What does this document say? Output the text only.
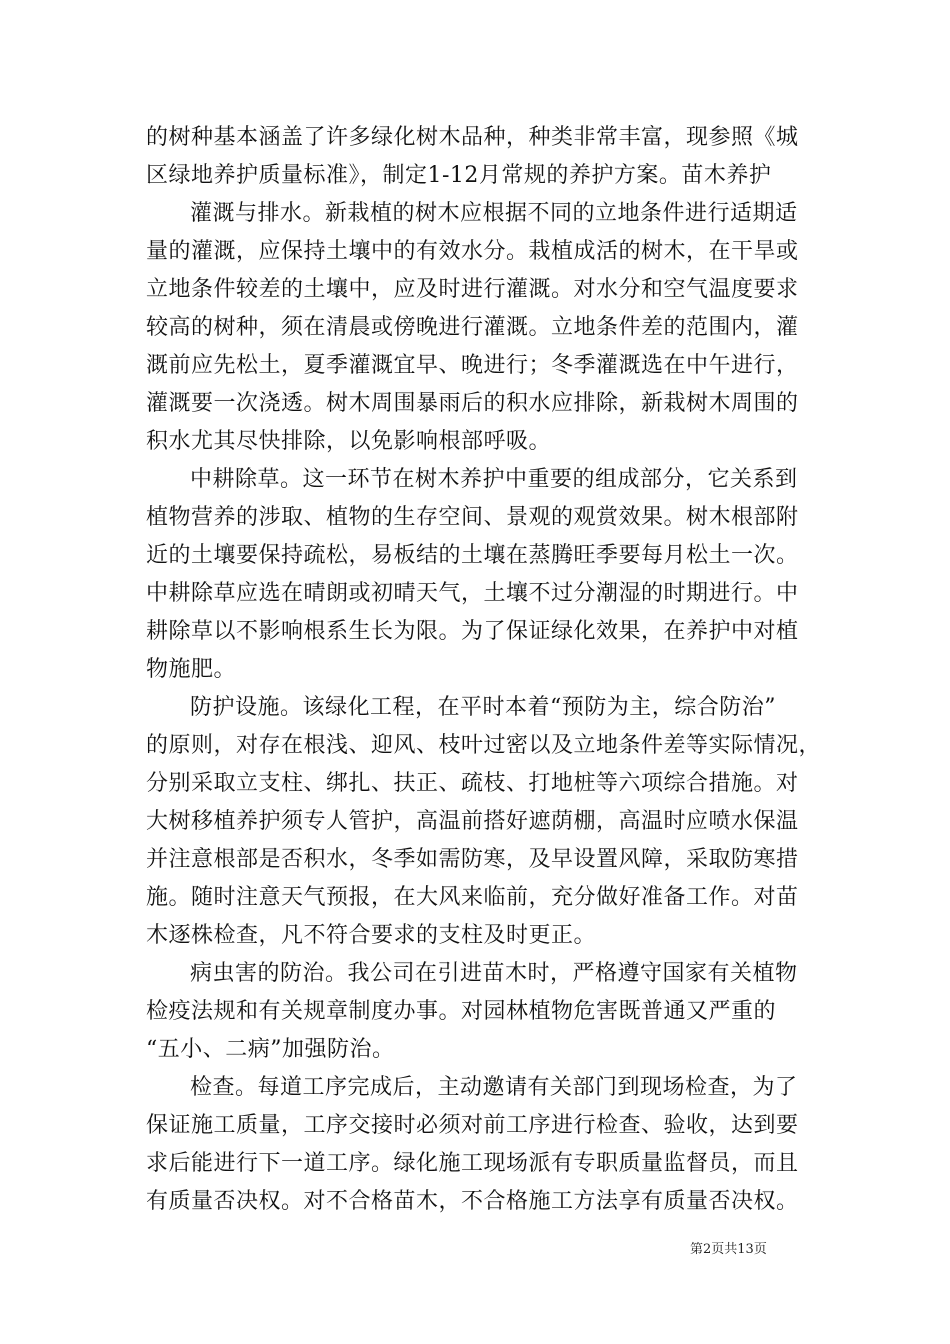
的树种基本涵盖了许多绿化树木品种，种类非常丰富，现参照《城
区绿地养护质量标准》，制定1-12月常规的养护方案。苗木养护
灌溉与排水。新栽植的树木应根据不同的立地条件进行适期适
量的灌溉，应保持土壤中的有效水分。栽植成活的树木，在干旱或
立地条件较差的土壤中，应及时进行灌溉。对水分和空气温度要求
较高的树种，须在清晨或傍晚进行灌溉。立地条件差的范围内，灌
溉前应先松土，夏季灌溉宜早、晚进行；冬季灌溉选在中午进行，
灌溉要一次浇透。树木周围暴雨后的积水应排除，新栽树木周围的
积水尤其尽快排除，以免影响根部呼吸。
中耕除草。这一环节在树木养护中重要的组成部分，它关系到
植物营养的涉取、植物的生存空间、景观的观赏效果。树木根部附
近的土壤要保持疏松，易板结的土壤在蒸腾旺季要每月松土一次。
中耕除草应选在晴朗或初晴天气，土壤不过分潮湿的时期进行。中
耕除草以不影响根系生长为限。为了保证绿化效果，在养护中对植
物施肥。
防护设施。该绿化工程，在平时本着“预防为主，综合防治”
的原则，对存在根浅、迎风、枝叶过密以及立地条件差等实际情况，
分别采取立支柱、绑扎、扶正、疏枝、打地桩等六项综合措施。对
大树移植养护须专人管护，高温前搭好遮荫棚，高温时应喷水保温
并注意根部是否积水，冬季如需防寒，及早设置风障，采取防寒措
施。随时注意天气预报，在大风来临前，充分做好准备工作。对苗
木逐株检查，凡不符合要求的支柱及时更正。
病虫害的防治。我公司在引进苗木时，严格遵守国家有关植物
检疫法规和有关规章制度办事。对园林植物危害既普通又严重的
“五小、二病”加强防治。
检查。每道工序完成后，主动邀请有关部门到现场检查，为了
保证施工质量，工序交接时必须对前工序进行检查、验收，达到要
求后能进行下一道工序。绿化施工现场派有专职质量监督员，而且
有质量否决权。对不合格苗木，不合格施工方法享有质量否决权。
第2页共13页
